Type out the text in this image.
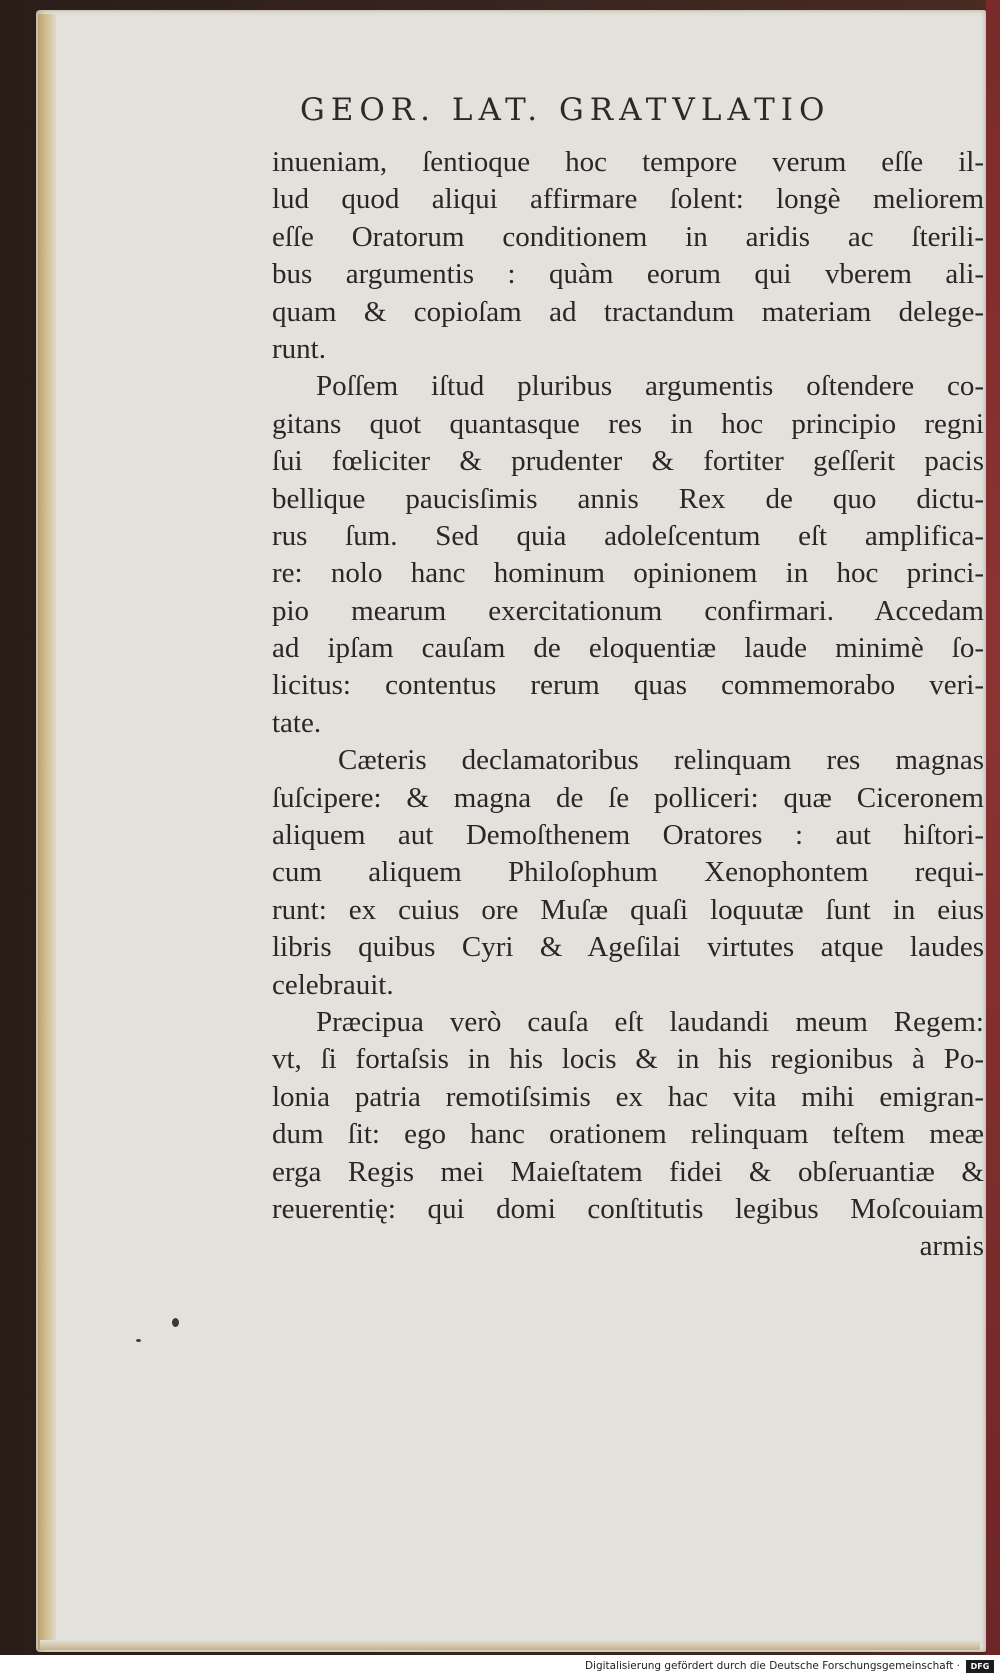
GEOR. LAT. GRATVLATIO
inueniam, ſentioque hoc tempore verum eſſe il-
lud quod aliqui affirmare ſolent: longè meliorem
eſſe Oratorum conditionem in aridis ac ſterili-
bus argumentis : quàm eorum qui vberem ali-
quam & copioſam ad tractandum materiam delege-
runt.
Poſſem iſtud pluribus argumentis oſtendere co-
gitans quot quantasque res in hoc principio regni
ſui fœliciter & prudenter & fortiter geſſerit pacis
bellique paucisſimis annis Rex de quo dictu-
rus ſum. Sed quia adoleſcentum eſt amplifica-
re: nolo hanc hominum opinionem in hoc princi-
pio mearum exercitationum confirmari. Accedam
ad ipſam cauſam de eloquentiæ laude minimè ſo-
licitus: contentus rerum quas commemorabo veri-
tate.
Cæteris declamatoribus relinquam res magnas
ſuſcipere: & magna de ſe polliceri: quæ Ciceronem
aliquem aut Demoſthenem Oratores : aut hiſtori-
cum aliquem Philoſophum Xenophontem requi-
runt: ex cuius ore Muſæ quaſi loquutæ ſunt in eius
libris quibus Cyri & Ageſilai virtutes atque laudes
celebrauit.
Præcipua verò cauſa eſt laudandi meum Regem:
vt, ſi fortaſsis in his locis & in his regionibus à Po-
lonia patria remotiſsimis ex hac vita mihi emigran-
dum ſit: ego hanc orationem relinquam teſtem meæ
erga Regis mei Maieſtatem fidei & obſeruantiæ &
reuerentię: qui domi conſtitutis legibus Moſcouiam
armis
Digitalisierung gefördert durch die Deutsche Forschungsgemeinschaft ·	DFG
